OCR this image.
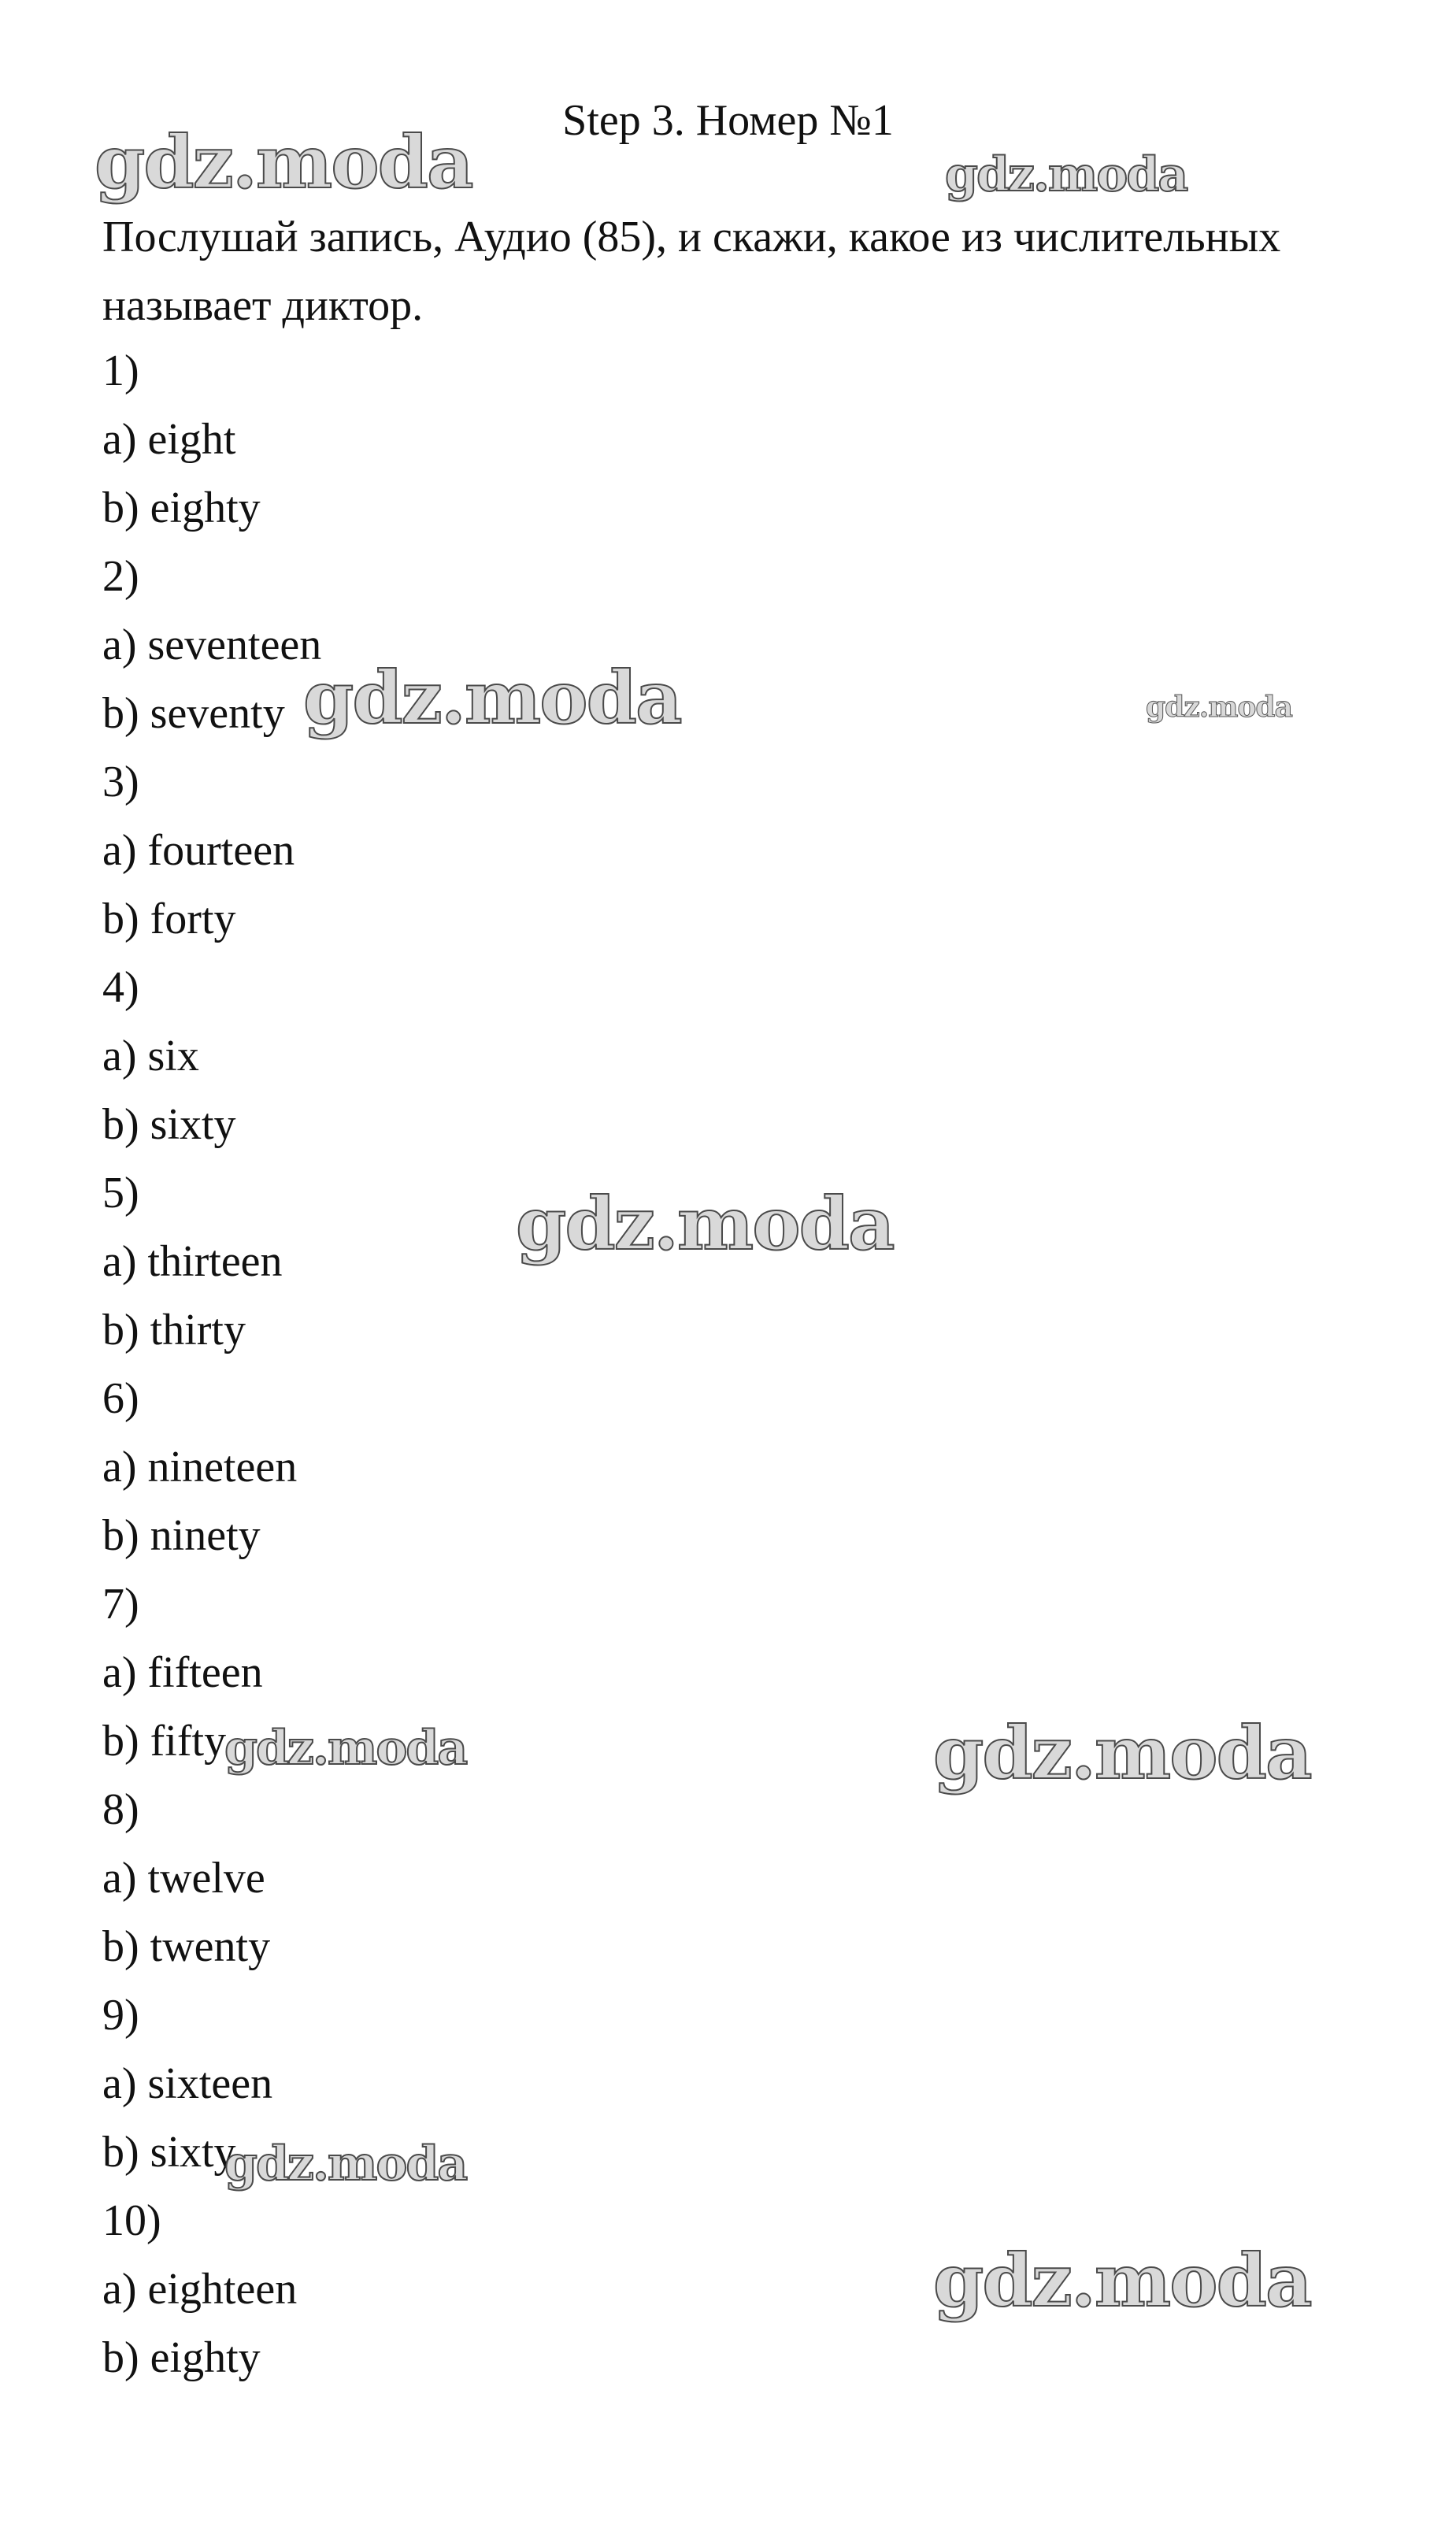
Step 3. Номер №1

Послушай запись, Аудио (85), и скажи, какое из числительных называет диктор.

1)
a) eight
b) eighty
2)
a) seventeen
b) seventy
3)
a) fourteen
b) forty
4)
a) six
b) sixty
5)
a) thirteen
b) thirty
6)
a) nineteen
b) ninety
7)
a) fifteen
b) fifty
8)
a) twelve
b) twenty
9)
a) sixteen
b) sixty
10)
a) eighteen
b) eighty
gdz.moda	gdz.moda
gdz.moda	gdz.moda
gdz.moda
gdz.moda	gdz.moda
gdz.moda
gdz.moda
